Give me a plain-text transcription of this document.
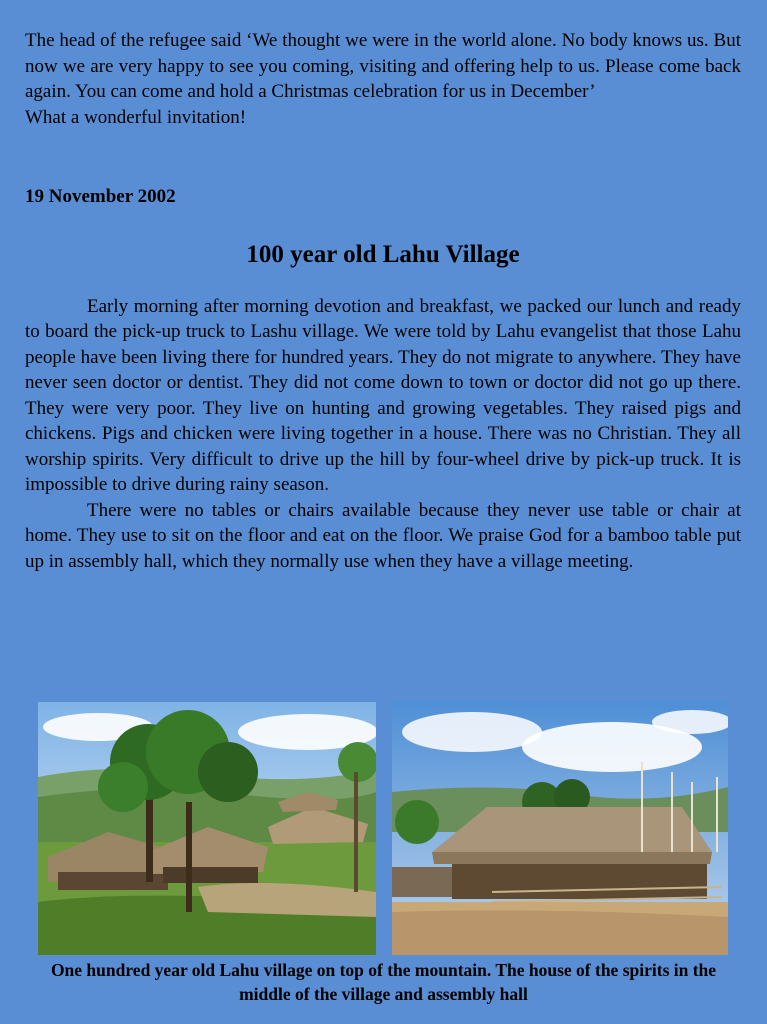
The head of the refugee said ‘We thought we were in the world alone. No body knows us. But now we are very happy to see you coming, visiting and offering help to us. Please come back again. You can come and hold a Christmas celebration for us in December’

What a wonderful invitation!

19 November 2002

100 year old Lahu Village

Early morning after morning devotion and breakfast, we packed our lunch and ready to board the pick-up truck to Lashu village. We were told by Lahu evangelist that those Lahu people have been living there for hundred years. They do not migrate to anywhere. They have never seen doctor or dentist. They did not come down to town or doctor did not go up there. They were very poor. They live on hunting and growing vegetables. They raised pigs and chickens. Pigs and chicken were living together in a house. There was no Christian. They all worship spirits. Very difficult to drive up the hill by four-wheel drive by pick-up truck. It is impossible to drive during rainy season.

There were no tables or chairs available because they never use table or chair at home. They use to sit on the floor and eat on the floor. We praise God for a bamboo table put up in assembly hall, which they normally use when they have a village meeting.

One hundred year old Lahu village on top of the mountain. The house of the spirits in the middle of the village and assembly hall
